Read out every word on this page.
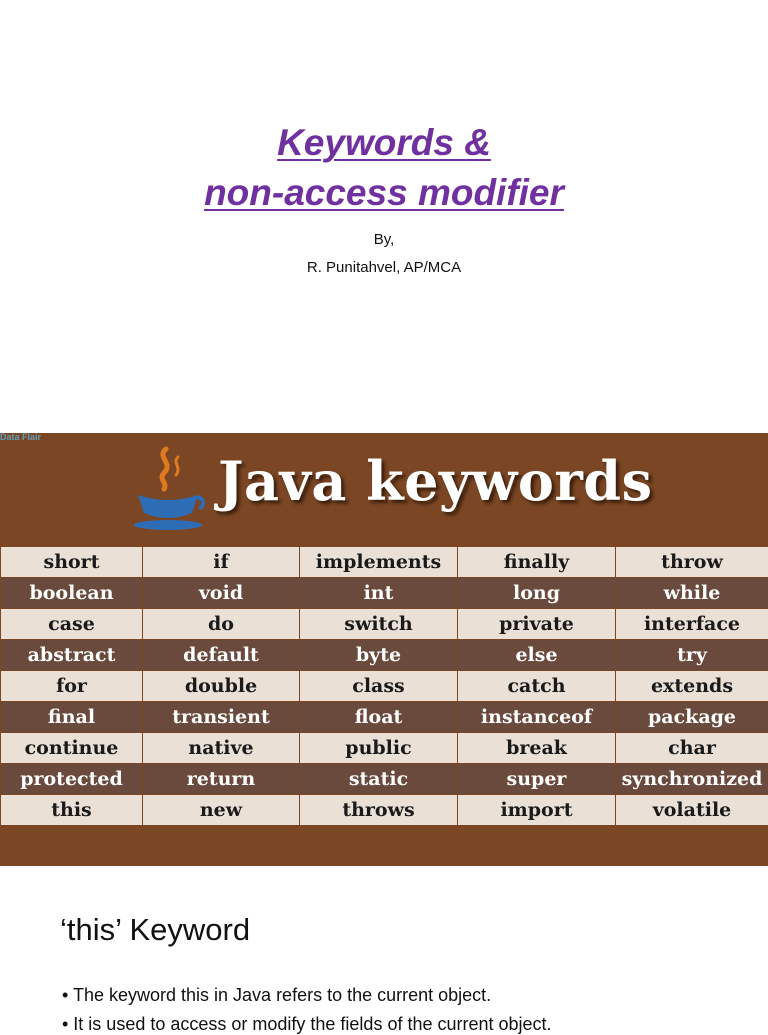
Keywords &
non-access modifier
By,
R. Punitahvel, AP/MCA
Data Flair
Java keywords
short	if	implements	finally	throw
boolean	void	int	long	while
case	do	switch	private	interface
abstract	default	byte	else	try
for	double	class	catch	extends
final	transient	float	instanceof	package
continue	native	public	break	char
protected	return	static	super	synchronized
this	new	throws	import	volatile
‘this’ Keyword
• The keyword this in Java refers to the current object.
• It is used to access or modify the fields of the current object.
